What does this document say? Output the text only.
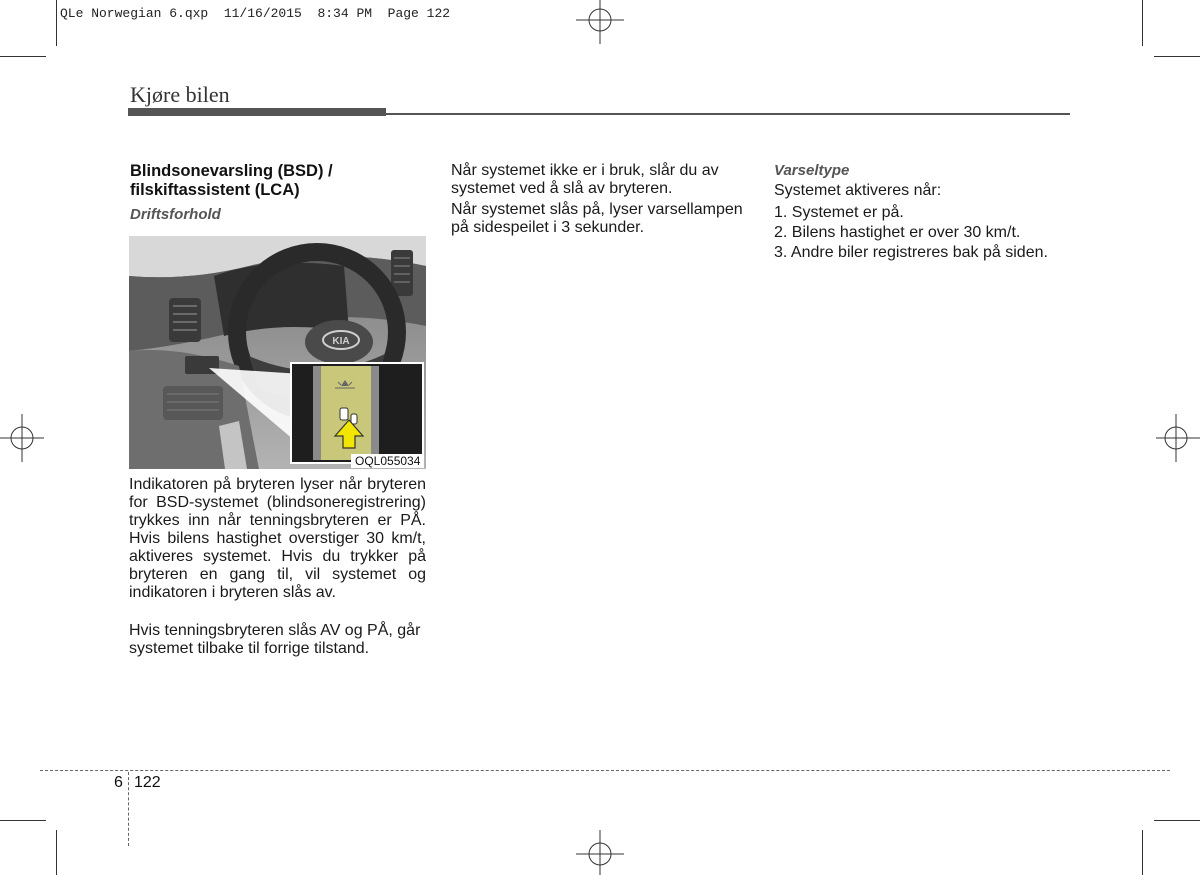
QLe Norwegian 6.qxp  11/16/2015  8:34 PM  Page 122
Kjøre bilen
Blindsonevarsling (BSD) / filskiftassistent (LCA)
Driftsforhold
KIA
OQL055034
Indikatoren på bryteren lyser når bryteren for BSD-systemet (blindsoneregistrering) trykkes inn når tenningsbryteren er PÅ. Hvis bilens hastighet overstiger 30 km/t, aktiveres systemet. Hvis du trykker på bryteren en gang til, vil systemet og indikatoren i bryteren slås av.
Hvis tenningsbryteren slås AV og PÅ, går systemet tilbake til forrige tilstand.
Når systemet ikke er i bruk, slår du av systemet ved å slå av bryteren.
Når systemet slås på, lyser varsellampen på sidespeilet i 3 sekunder.
Varseltype
Systemet aktiveres når:
1. Systemet er på.
2. Bilens hastighet er over 30 km/t.
3. Andre biler registreres bak på siden.
6 122
